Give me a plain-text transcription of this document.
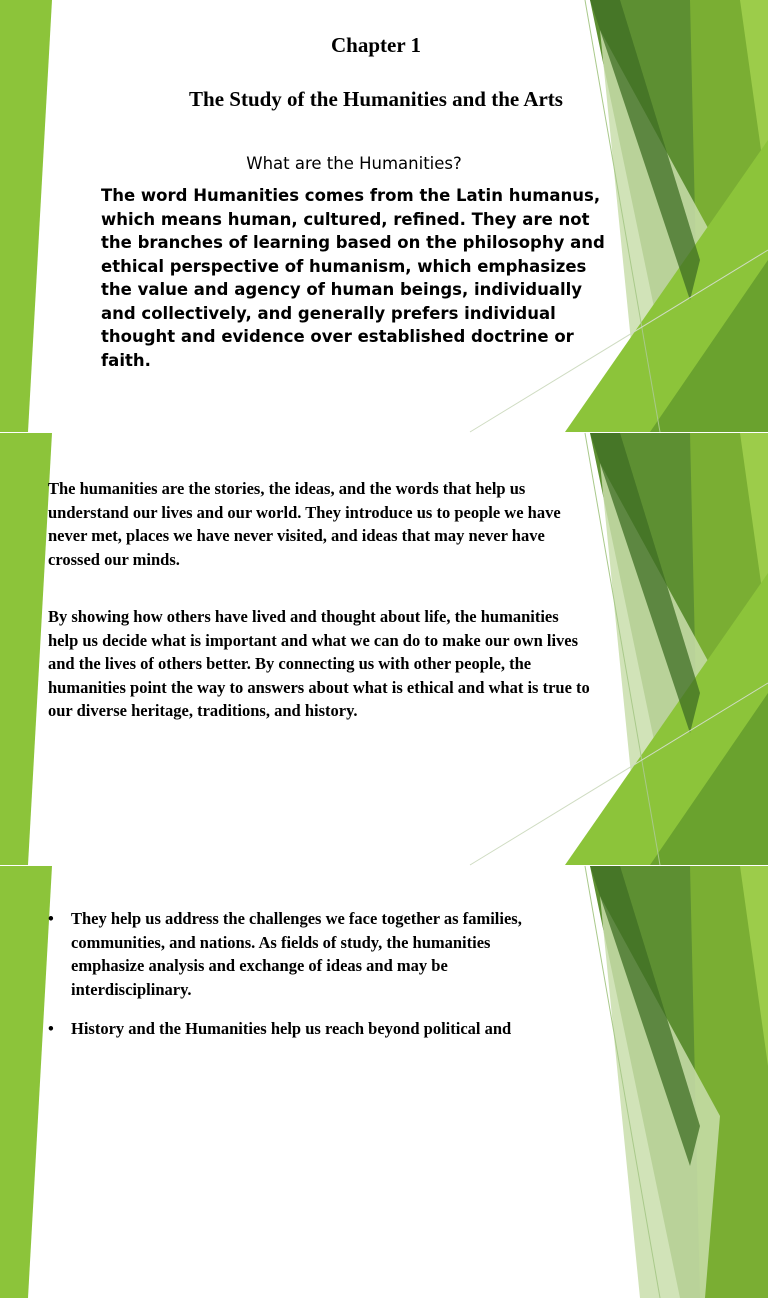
Chapter 1
The Study of the Humanities and the Arts
What are the Humanities?
The word Humanities comes from the Latin humanus, which means human, cultured, refined. They are not the branches of learning based on the philosophy and ethical perspective of humanism, which emphasizes the value and agency of human beings, individually and collectively, and generally prefers individual thought and evidence over established doctrine or faith.

The humanities are the stories, the ideas, and the words that help us understand our lives and our world. They introduce us to people we have never met, places we have never visited, and ideas that may never have crossed our minds.

By showing how others have lived and thought about life, the humanities help us decide what is important and what we can do to make our own lives and the lives of others better. By connecting us with other people, the humanities point the way to answers about what is ethical and what is true to our diverse heritage, traditions, and history.

• They help us address the challenges we face together as families, communities, and nations. As fields of study, the humanities emphasize analysis and exchange of ideas and may be interdisciplinary.

• History and the Humanities help us reach beyond political and
